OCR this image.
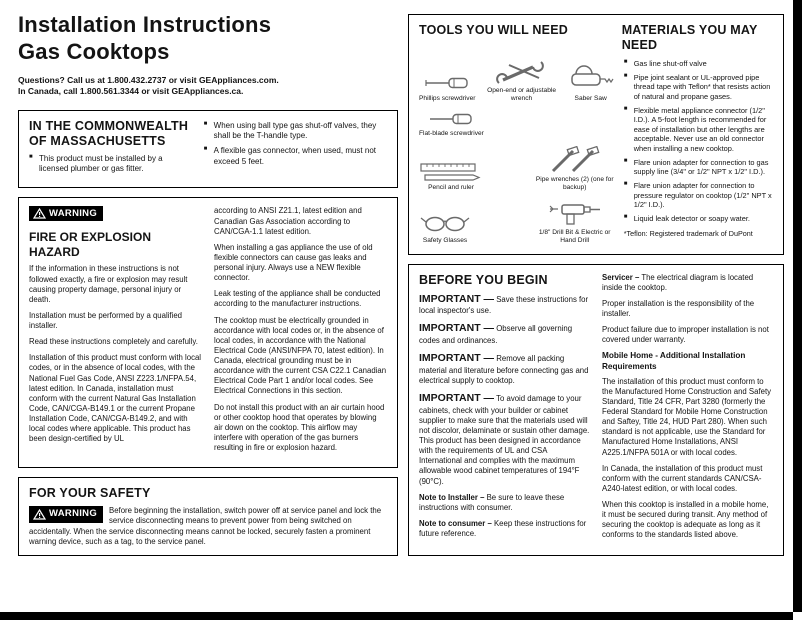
Installation Instructions
Gas Cooktops
Questions? Call us at 1.800.432.2737 or visit GEAppliances.com.
In Canada, call 1.800.561.3344 or visit GEAppliances.ca.
IN THE COMMONWEALTH OF MASSACHUSETTS
■ This product must be installed by a licensed plumber or gas fitter.
■ When using ball type gas shut-off valves, they shall be the T-handle type.
■ A flexible gas connector, when used, must not exceed 5 feet.
WARNING
FIRE OR EXPLOSION HAZARD

If the information in these instructions is not followed exactly, a fire or explosion may result causing property damage, personal injury or death.

Installation must be performed by a qualified installer.

Read these instructions completely and carefully.

Installation of this product must conform with local codes, or in the absence of local codes, with the National Fuel Gas Code, ANSI Z223.1/NFPA.54, latest edition. In Canada, installation must conform with the current Natural Gas Installation Code, CAN/CGA-B149.1 or the current Propane Installation Code, CAN/CGA-B149.2, and with local codes where applicable. This product has been design-certified by UL

according to ANSI Z21.1, latest edition and Canadian Gas Association according to CAN/CGA-1.1 latest edition.

When installing a gas appliance the use of old flexible connectors can cause gas leaks and personal injury. Always use a NEW flexible connector.

Leak testing of the appliance shall be conducted according to the manufacturer instructions.

The cooktop must be electrically grounded in accordance with local codes or, in the absence of local codes, in accordance with the National Electrical Code (ANSI/NFPA 70, latest edition). In Canada, electrical grounding must be in accordance with the current CSA C22.1 Canadian Electrical Code Part 1 and/or local codes. See Electrical Connections in this section.

Do not install this product with an air curtain hood or other cooktop hood that operates by blowing air down on the cooktop. This airflow may interfere with operation of the gas burners resulting in fire or explosion hazard.

FOR YOUR SAFETY
WARNING Before beginning the installation, switch power off at service panel and lock the service disconnecting means to prevent power from being switched on accidentally. When the service disconnecting means cannot be locked, securely fasten a prominent warning device, such as a tag, to the service panel.
TOOLS YOU WILL NEED	MATERIALS YOU MAY NEED
Phillips screwdriver
Open-end or adjustable wrench	Saber Saw
Flat-blade screwdriver
Pencil and ruler
Pipe wrenches (2) (one for backup)
Safety Glasses
1/8" Drill Bit & Electric or Hand Drill
■ Gas line shut-off valve
■ Pipe joint sealant or UL-approved pipe thread tape with Teflon* that resists action of natural and propane gases.
■ Flexible metal appliance connector (1/2" I.D.). A 5-foot length is recommended for ease of installation but other lengths are acceptable. Never use an old connector when installing a new cooktop.
■ Flare union adapter for connection to gas supply line (3/4" or 1/2" NPT x 1/2" I.D.).
■ Flare union adapter for connection to pressure regulator on cooktop (1/2" NPT x 1/2" I.D.).
■ Liquid leak detector or soapy water.
*Teflon: Registered trademark of DuPont
BEFORE YOU BEGIN

IMPORTANT — Save these instructions for local inspector's use.

IMPORTANT — Observe all governing codes and ordinances.

IMPORTANT — Remove all packing material and literature before connecting gas and electrical supply to cooktop.

IMPORTANT — To avoid damage to your cabinets, check with your builder or cabinet supplier to make sure that the materials used will not discolor, delaminate or sustain other damage. This product has been designed in accordance with the requirements of UL and CSA International and complies with the maximum allowable wood cabinet temperatures of 194°F (90°C).

Note to Installer – Be sure to leave these instructions with consumer.

Note to consumer – Keep these instructions for future reference.

Servicer – The electrical diagram is located inside the cooktop.

Proper installation is the responsibility of the installer.

Product failure due to improper installation is not covered under warranty.

Mobile Home - Additional Installation Requirements

The installation of this product must conform to the Manufactured Home Construction and Safety Standard, Title 24 CFR, Part 3280 (formerly the Federal Standard for Mobile Home Construction and Saftey, Title 24, HUD Part 280). When such standard is not applicable, use the Standard for Manufactured Home Installations, ANSI A225.1/NFPA 501A or with local codes.

In Canada, the installation of this product must conform with the current standards CAN/CSA-A240-latest edition, or with local codes.

When this cooktop is installed in a mobile home, it must be secured during transit. Any method of securing the cooktop is adequate as long as it conforms to the standards listed above.
